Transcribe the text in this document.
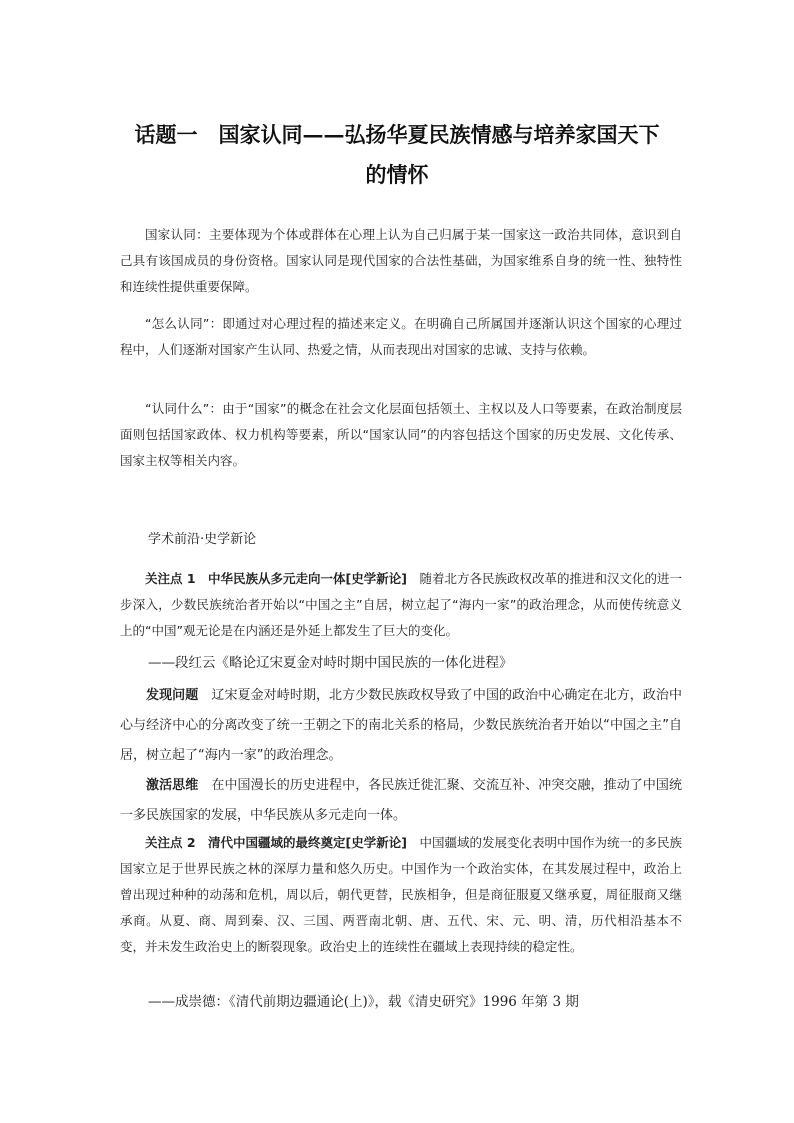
话题一　国家认同——弘扬华夏民族情感与培养家国天下
的情怀

国家认同：主要体现为个体或群体在心理上认为自己归属于某一国家这一政治共同体，意识到自己具有该国成员的身份资格。国家认同是现代国家的合法性基础，为国家维系自身的统一性、独特性和连续性提供重要保障。

“怎么认同”：即通过对心理过程的描述来定义。在明确自己所属国并逐渐认识这个国家的心理过程中，人们逐渐对国家产生认同、热爱之情，从而表现出对国家的忠诚、支持与依赖。

“认同什么”：由于“国家”的概念在社会文化层面包括领土、主权以及人口等要素，在政治制度层面则包括国家政体、权力机构等要素，所以“国家认同”的内容包括这个国家的历史发展、文化传承、国家主权等相关内容。

学术前沿·史学新论

关注点 1　中华民族从多元走向一体[史学新论]　随着北方各民族政权改革的推进和汉文化的进一步深入，少数民族统治者开始以“中国之主”自居，树立起了“海内一家”的政治理念，从而使传统意义上的“中国”观无论是在内涵还是外延上都发生了巨大的变化。

——段红云《略论辽宋夏金对峙时期中国民族的一体化进程》

发现问题　辽宋夏金对峙时期，北方少数民族政权导致了中国的政治中心确定在北方，政治中心与经济中心的分离改变了统一王朝之下的南北关系的格局，少数民族统治者开始以“中国之主”自居，树立起了“海内一家”的政治理念。

激活思维　在中国漫长的历史进程中，各民族迁徙汇聚、交流互补、冲突交融，推动了中国统一多民族国家的发展，中华民族从多元走向一体。

关注点 2　清代中国疆域的最终奠定[史学新论]　中国疆域的发展变化表明中国作为统一的多民族国家立足于世界民族之林的深厚力量和悠久历史。中国作为一个政治实体，在其发展过程中，政治上曾出现过种种的动荡和危机，周以后，朝代更替，民族相争，但是商征服夏又继承夏，周征服商又继承商。从夏、商、周到秦、汉、三国、两晋南北朝、唐、五代、宋、元、明、清，历代相沿基本不变，并未发生政治史上的断裂现象。政治史上的连续性在疆域上表现持续的稳定性。

——成崇德：《清代前期边疆通论(上)》，载《清史研究》1996 年第 3 期
